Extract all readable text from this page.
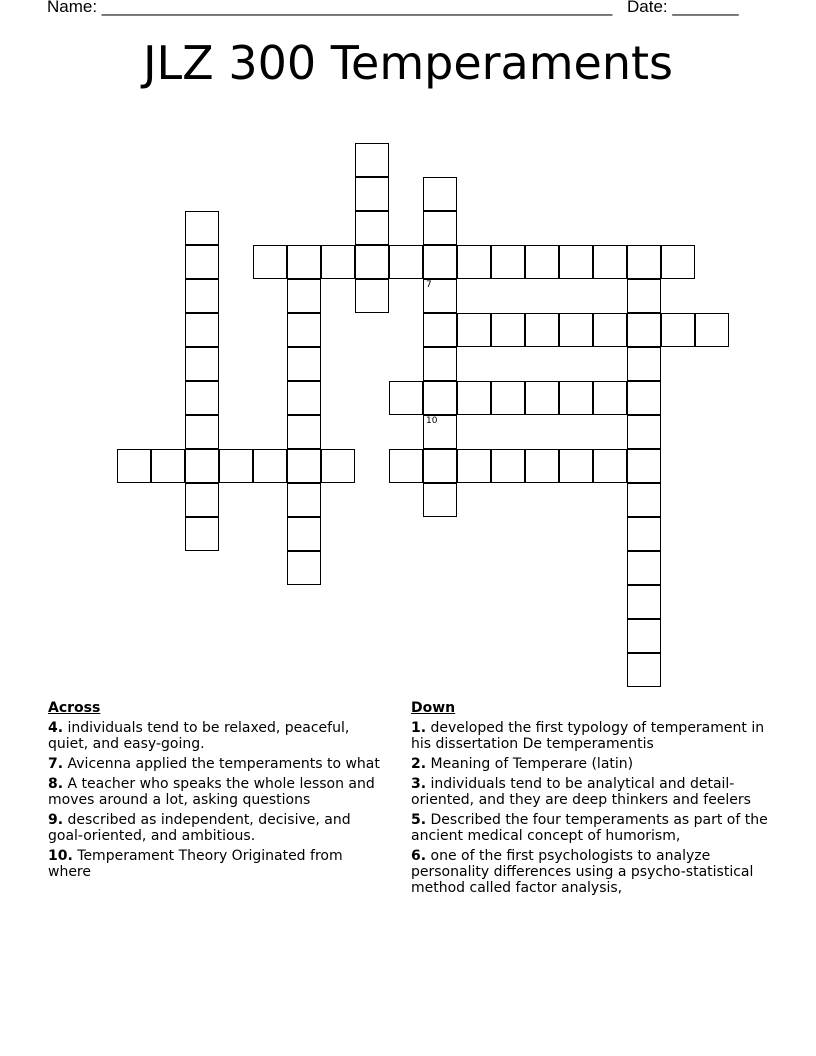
Name: ______________________________________________________ Date: _______
JLZ 300 Temperaments
7
10
Across
4. individuals tend to be relaxed, peaceful, quiet, and easy-going.
7. Avicenna applied the temperaments to what
8. A teacher who speaks the whole lesson and moves around a lot, asking questions
9. described as independent, decisive, and goal-oriented, and ambitious.
10. Temperament Theory Originated from where
Down
1. developed the first typology of temperament in his dissertation De temperamentis
2. Meaning of Temperare (latin)
3. individuals tend to be analytical and detail-oriented, and they are deep thinkers and feelers
5. Described the four temperaments as part of the ancient medical concept of humorism,
6. one of the first psychologists to analyze personality differences using a psycho-statistical method called factor analysis,
